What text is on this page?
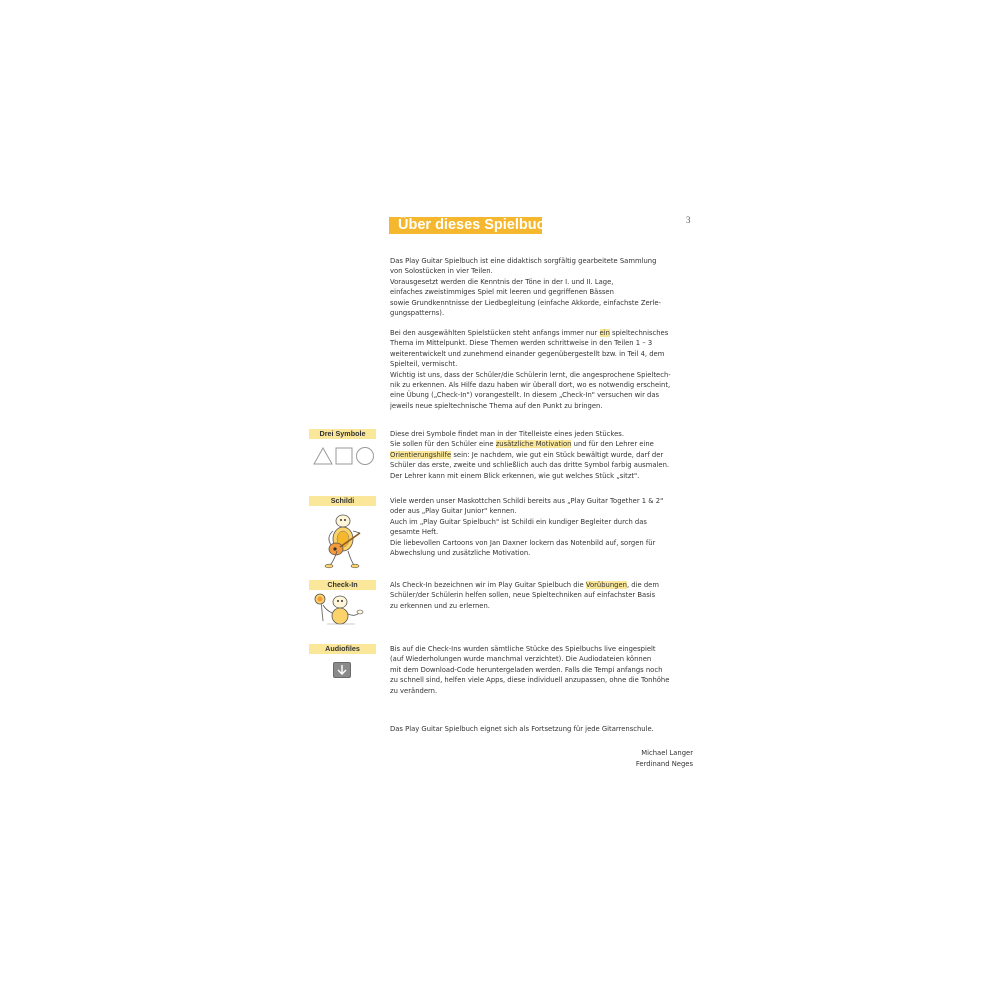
Über dieses Spielbuch	3
Das Play Guitar Spielbuch ist eine didaktisch sorgfältig gearbeitete Sammlung
von Solostücken in vier Teilen.
Vorausgesetzt werden die Kenntnis der Töne in der I. und II. Lage,
einfaches zweistimmiges Spiel mit leeren und gegriffenen Bässen
sowie Grundkenntnisse der Liedbegleitung (einfache Akkorde, einfachste Zerle-
gungspatterns).
Bei den ausgewählten Spielstücken steht anfangs immer nur ein spieltechnisches
Thema im Mittelpunkt. Diese Themen werden schrittweise in den Teilen 1 – 3
weiterentwickelt und zunehmend einander gegenübergestellt bzw. in Teil 4, dem
Spielteil, vermischt.
Wichtig ist uns, dass der Schüler/die Schülerin lernt, die angesprochene Spieltech-
nik zu erkennen. Als Hilfe dazu haben wir überall dort, wo es notwendig erscheint,
eine Übung („Check-In") vorangestellt. In diesem „Check-In" versuchen wir das
jeweils neue spieltechnische Thema auf den Punkt zu bringen.
Drei Symbole	Diese drei Symbole findet man in der Titelleiste eines jeden Stückes.
Sie sollen für den Schüler eine zusätzliche Motivation und für den Lehrer eine
Orientierungshilfe sein: Je nachdem, wie gut ein Stück bewältigt wurde, darf der
Schüler das erste, zweite und schließlich auch das dritte Symbol farbig ausmalen.
Der Lehrer kann mit einem Blick erkennen, wie gut welches Stück „sitzt".
Schildi	Viele werden unser Maskottchen Schildi bereits aus „Play Guitar Together 1 & 2"
oder aus „Play Guitar Junior" kennen.
Auch im „Play Guitar Spielbuch" ist Schildi ein kundiger Begleiter durch das
gesamte Heft.
Die liebevollen Cartoons von Jan Daxner lockern das Notenbild auf, sorgen für
Abwechslung und zusätzliche Motivation.
Check-In	Als Check-In bezeichnen wir im Play Guitar Spielbuch die Vorübungen, die dem
Schüler/der Schülerin helfen sollen, neue Spieltechniken auf einfachster Basis
zu erkennen und zu erlernen.
Audiofiles	Bis auf die Check-Ins wurden sämtliche Stücke des Spielbuchs live eingespielt
(auf Wiederholungen wurde manchmal verzichtet). Die Audiodateien können
mit dem Download-Code heruntergeladen werden. Falls die Tempi anfangs noch
zu schnell sind, helfen viele Apps, diese individuell anzupassen, ohne die Tonhöhe
zu verändern.
Das Play Guitar Spielbuch eignet sich als Fortsetzung für jede Gitarrenschule.
Michael Langer
Ferdinand Neges
